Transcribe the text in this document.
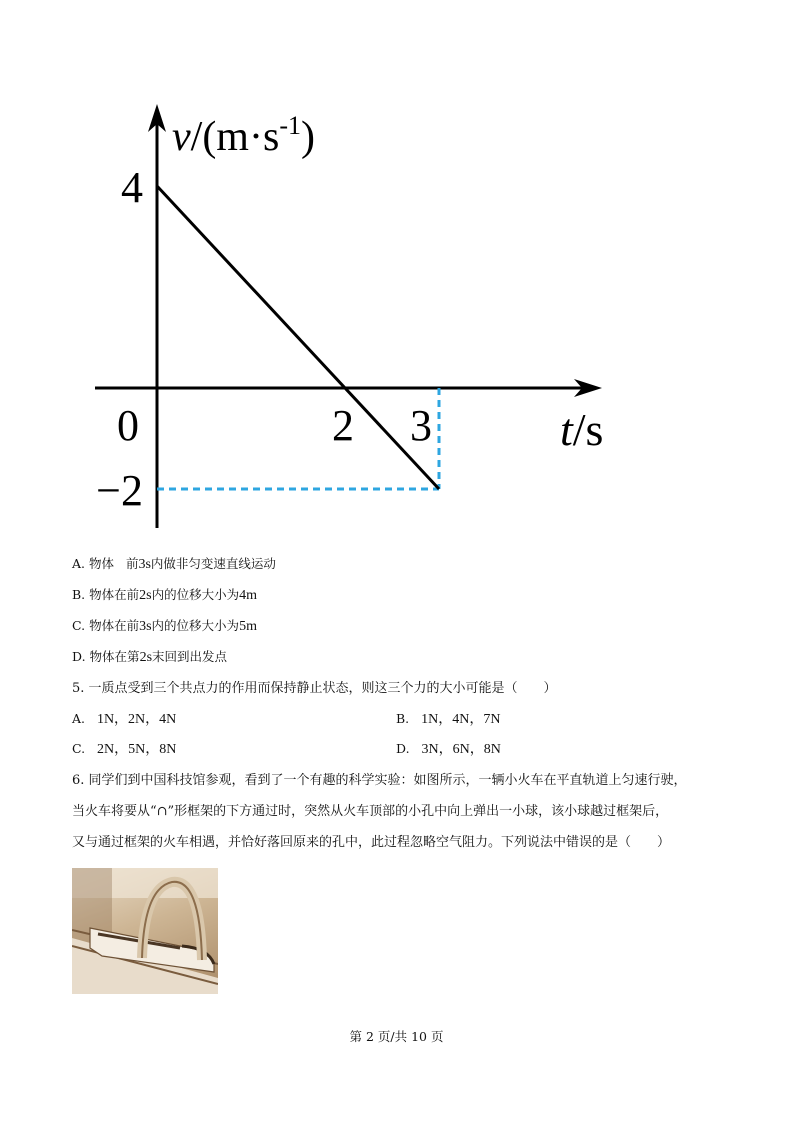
$v/(m\cdot s^{-1})$
4
−2
0	2 3	t/s
A. 物体 前3s内做非匀变速直线运动
B. 物体在前2s内的位移大小为4m
C. 物体在前3s内的位移大小为5m
D. 物体在第2s末回到出发点
5. 一质点受到三个共点力的作用而保持静止状态，则这三个力的大小可能是（　　）
A. 1N，2N，4N	B. 1N，4N，7N
C. 2N，5N，8N	D. 3N，6N，8N
6. 同学们到中国科技馆参观，看到了一个有趣的科学实验：如图所示，一辆小火车在平直轨道上匀速行驶，
当火车将要从“∩”形框架的下方通过时，突然从火车顶部的小孔中向上弹出一小球，该小球越过框架后，
又与通过框架的火车相遇，并恰好落回原来的孔中，此过程忽略空气阻力。下列说法中错误的是（　　）
第 2 页/共 10 页
